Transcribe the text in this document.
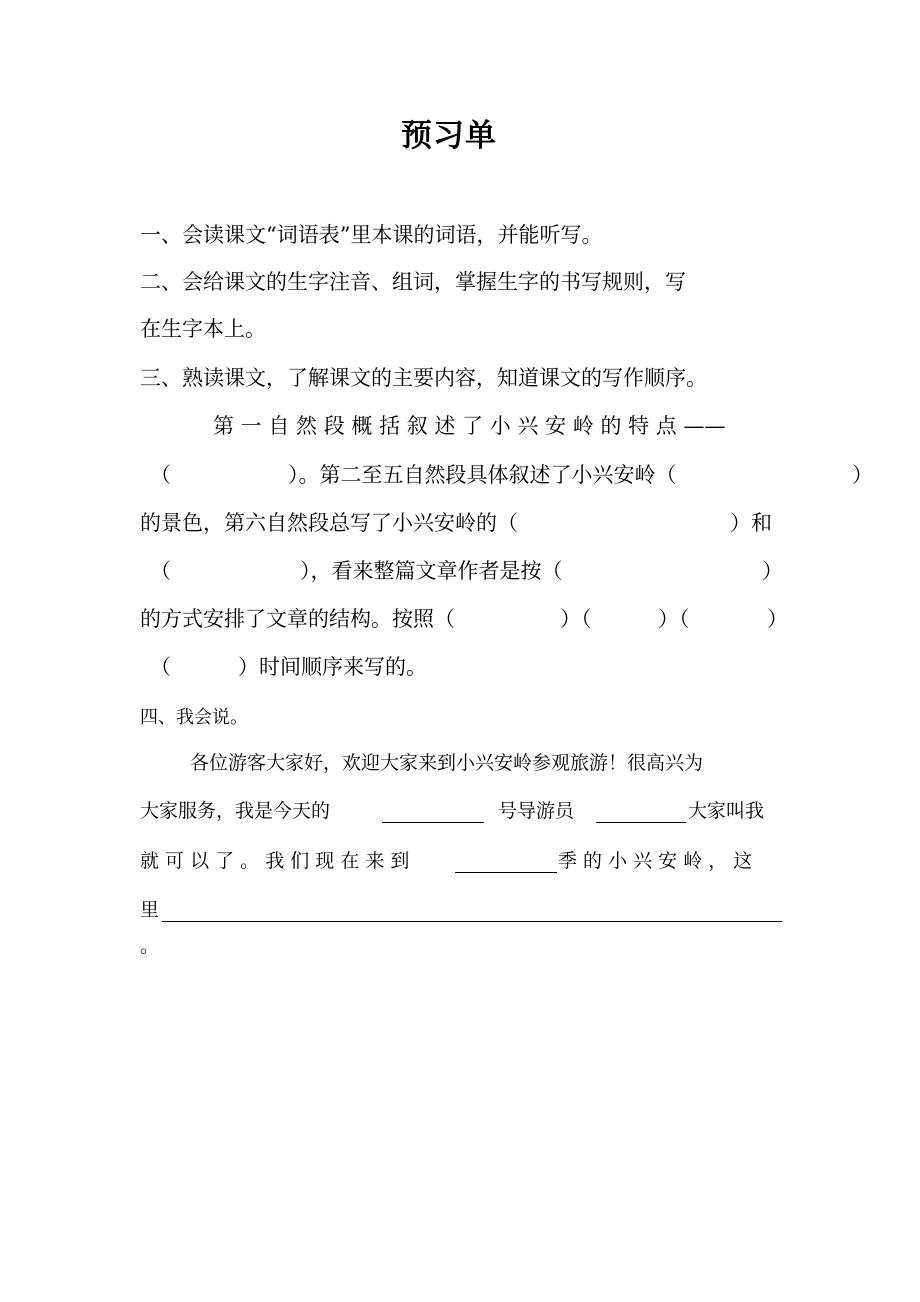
预习单
一、会读课文“词语表”里本课的词语，并能听写。
二、会给课文的生字注音、组词，掌握生字的书写规则，写
在生字本上。
三、熟读课文，了解课文的主要内容，知道课文的写作顺序。
第 一 自 然 段 概 括 叙 述 了 小 兴 安 岭 的 特 点 ——
（	）。第二至五自然段具体叙述了小兴安岭（	）
的景色，第六自然段总写了小兴安岭的（	）和
（	），看来整篇文章作者是按（	）
的方式安排了文章的结构。按照（	）（	）（	）
（	）时间顺序来写的。
四、我会说。
各位游客大家好，欢迎大家来到小兴安岭参观旅游！很高兴为
大家服务，我是今天的	号导游员	大家叫我
就 可 以 了 。 我 们 现 在 来 到	季 的 小 兴 安 岭 ， 这
里
。
